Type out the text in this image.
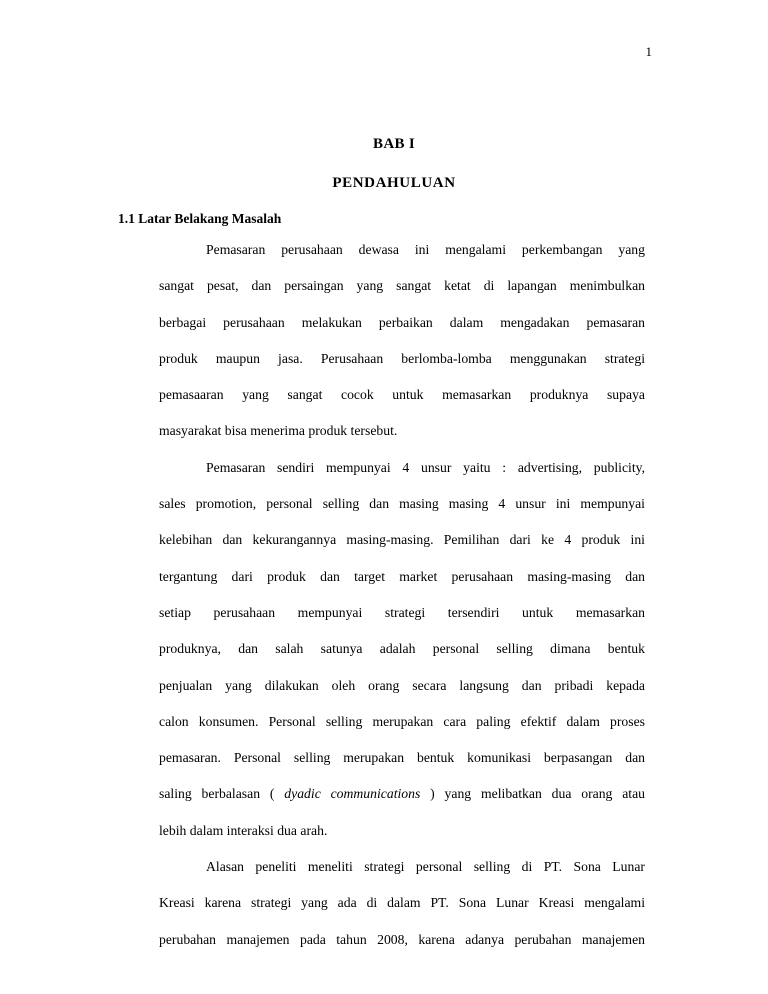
1
BAB I
PENDAHULUAN
1.1 Latar Belakang Masalah
Pemasaran perusahaan dewasa ini mengalami perkembangan yang
sangat pesat, dan persaingan yang sangat ketat di lapangan menimbulkan
berbagai perusahaan melakukan perbaikan dalam mengadakan pemasaran
produk maupun jasa. Perusahaan berlomba-lomba menggunakan strategi
pemasaaran yang sangat cocok untuk memasarkan produknya supaya
masyarakat bisa menerima produk tersebut.
Pemasaran sendiri mempunyai 4 unsur yaitu : advertising, publicity,
sales promotion, personal selling dan masing masing 4 unsur ini mempunyai
kelebihan dan kekurangannya masing-masing. Pemilihan dari ke 4 produk ini
tergantung dari produk dan target market perusahaan masing-masing dan
setiap perusahaan mempunyai strategi tersendiri untuk memasarkan
produknya, dan salah satunya adalah personal selling dimana bentuk
penjualan yang dilakukan oleh orang secara langsung dan pribadi kepada
calon konsumen. Personal selling merupakan cara paling efektif dalam proses
pemasaran. Personal selling merupakan bentuk komunikasi berpasangan dan
saling berbalasan ( dyadic communications ) yang melibatkan dua orang atau
lebih dalam interaksi dua arah.
Alasan peneliti meneliti strategi personal selling di PT. Sona Lunar
Kreasi karena strategi yang ada di dalam PT. Sona Lunar Kreasi mengalami
perubahan manajemen pada tahun 2008, karena adanya perubahan manajemen
